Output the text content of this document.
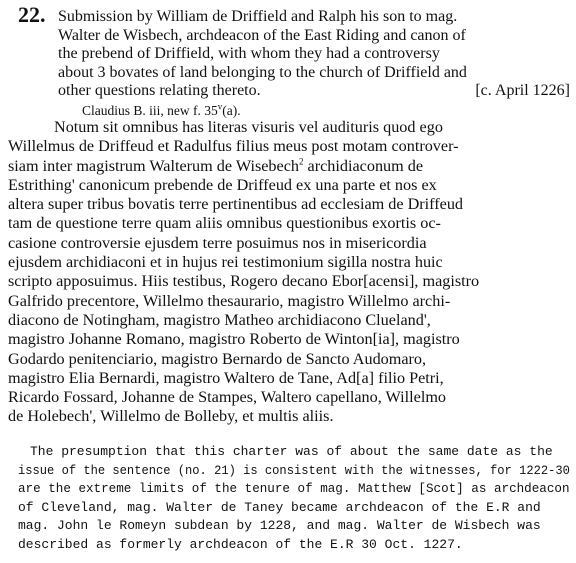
22. Submission by William de Driffield and Ralph his son to mag.
Walter de Wisbech, archdeacon of the East Riding and canon of
the prebend of Driffield, with whom they had a controversy
about 3 bovates of land belonging to the church of Driffield and
other questions relating thereto.	[c. April 1226]
Claudius B. iii, new f. 35$^v$(a).
Notum sit omnibus has literas visuris vel audituris quod ego
Willelmus de Driffeud et Radulfus filius meus post motam controver-
siam inter magistrum Walterum de Wisebech$^2$ archidiaconum de
Estrithing' canonicum prebende de Driffeud ex una parte et nos ex
altera super tribus bovatis terre pertinentibus ad ecclesiam de Driffeud
tam de questione terre quam aliis omnibus questionibus exortis oc-
casione controversie ejusdem terre posuimus nos in misericordia
ejusdem archidiaconi et in hujus rei testimonium sigilla nostra huic
scripto apposuimus. Hiis testibus, Rogero decano Ebor[acensi], magistro
Galfrido precentore, Willelmo thesaurario, magistro Willelmo archi-
diacono de Notingham, magistro Matheo archidiacono Clueland',
magistro Johanne Romano, magistro Roberto de Winton[ia], magistro
Godardo penitenciario, magistro Bernardo de Sancto Audomaro,
magistro Elia Bernardi, magistro Waltero de Tane, Ad[a] filio Petri,
Ricardo Fossard, Johanne de Stampes, Waltero capellano, Willelmo
de Holebech', Willelmo de Bolleby, et multis aliis.
The presumption that this charter was of about the same date as the
issue of the sentence (no. 21) is consistent with the witnesses, for 1222-30
are the extreme limits of the tenure of mag. Matthew [Scot] as archdeacon
of Cleveland, mag. Walter de Taney became archdeacon of the E.R and
mag. John le Romeyn subdean by 1228, and mag. Walter de Wisbech was
described as formerly archdeacon of the E.R 30 Oct. 1227.
